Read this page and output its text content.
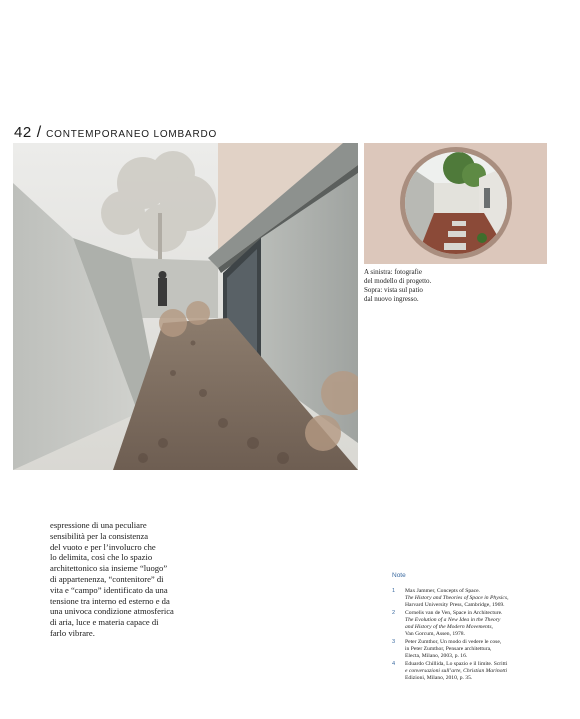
42 / CONTEMPORANEO LOMBARDO
A sinistra: fotografie
del modello di progetto.
Sopra: vista sul patio
dal nuovo ingresso.
espressione di una peculiare
sensibilità per la consistenza
del vuoto e per l’involucro che
lo delimita, così che lo spazio
architettonico sia insieme “luogo”
di appartenenza, “contenitore” di
vita e “campo” identificato da una
tensione tra interno ed esterno e da
una univoca condizione atmosferica
di aria, luce e materia capace di
farlo vibrare.
Note
1	Max Jammer, Concepts of Space.
The History and Theories of Space in Physics,
Harvard University Press, Cambridge, 1969.
2	Cornelis van de Ven, Space in Architecture.
The Evolution of a New Idea in the Theory
and History of the Modern Movements,
Van Gorcum, Assen, 1978.
3	Peter Zumthor, Un modo di vedere le cose,
in Peter Zumthor, Pensare architettura,
Electa, Milano, 2003, p. 16.
4	Eduardo Chillida, Lo spazio e il limite. Scritti
e conversazioni sull’arte, Christian Marinotti
Edizioni, Milano, 2010, p. 35.
